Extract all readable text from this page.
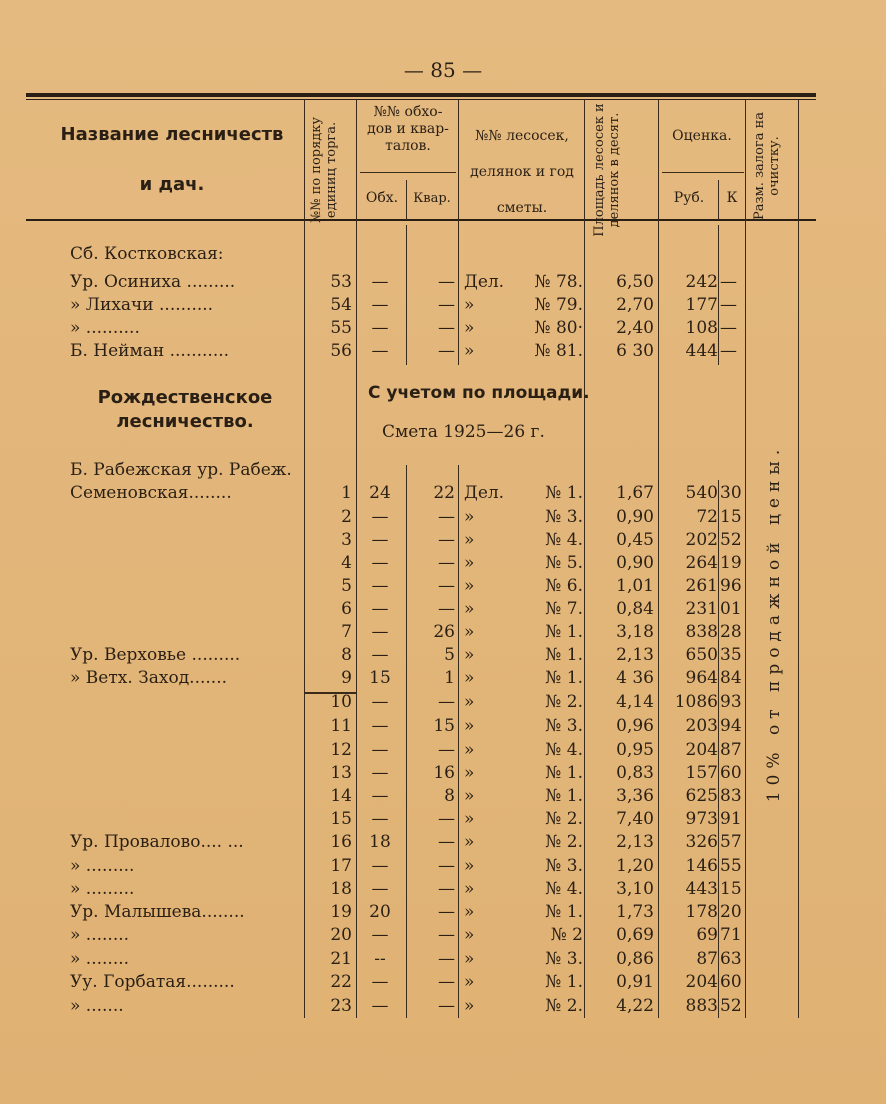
— 85 —
Название лесничеств
и дач.	№№ по порядку единиц торга.
№№ обхо- дов и квар- талов.
Обх.	Квар.
№№ лесосек, делянок и год сметы.	Площадь лесосек и делянок в десят.	Оценка.
Руб.	К	Разм. залога на очистку.
Сб. Костковская:
Рождественское лесничество.
С учетом по площади.
Смета 1925—26 г.
Б. Рабежская ур. Рабеж.	10% от продажной цены.
Ур. Осиниха .........	53	—	— Дел.	№ 78.	6,50	242 —
» Лихачи ..........	54	—	— »	№ 79.	2,70	177 —
» ..........	55	—	— »	№ 80·	2,40	108 —
Б. Нейман ...........	56	—	— »	№ 81.	6 30	444 —
Семеновская........	1	24	22 Дел.	№ 1.	1,67	540 30
2	—	— »	№ 3.	0,90	72 15
3	—	— »	№ 4.	0,45	202 52
4	—	— »	№ 5.	0,90	264 19
5	—	— »	№ 6.	1,01	261 96
6	—	— »	№ 7.	0,84	231 01
7	—	26 »	№ 1.	3,18	838 28
Ур. Верховье .........	8	—	5 »	№ 1.	2,13	650 35
» Ветх. Заход.......	9	15	1 »	№ 1.	4 36	964 84
10	—	— »	№ 2.	4,14	1086 93
11	—	15 »	№ 3.	0,96	203 94
12	—	— »	№ 4.	0,95	204 87
13	—	16 »	№ 1.	0,83	157 60
14	—	8 »	№ 1.	3,36	625 83
15	—	— »	№ 2.	7,40	973 91
Ур. Провалово.... ...	16	18	— »	№ 2.	2,13	326 57
» .........	17	—	— »	№ 3.	1,20	146 55
» .........	18	—	— »	№ 4.	3,10	443 15
Ур. Малышева........	19	20	— »	№ 1.	1,73	178 20
» ........	20	—	— »	№ 2	0,69	69 71
» ........	21	--	— »	№ 3.	0,86	87 63
Уу. Горбатая.........	22	—	— »	№ 1.	0,91	204 60
» .......	23	—	— »	№ 2.	4,22	883 52
